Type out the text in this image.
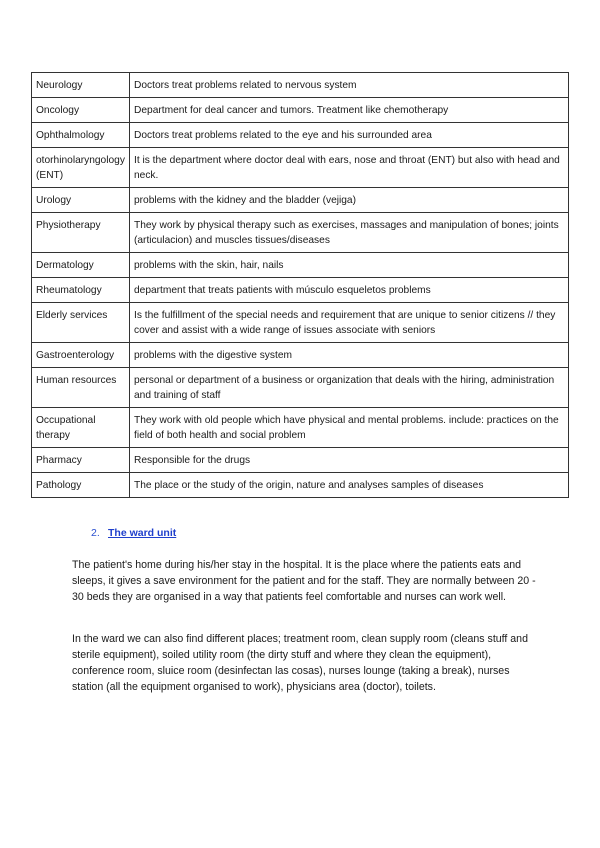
Neurology	Doctors treat problems related to nervous system
Oncology	Department for deal cancer and tumors. Treatment like chemotherapy
Ophthalmology	Doctors treat problems related to the eye and his surrounded area
otorhinolaryngology(ENT)	It is the department where doctor deal with ears, nose and throat (ENT) but also with head and neck.
Urology	problems with the kidney and the bladder (vejiga)
Physiotherapy	They work by physical therapy such as exercises, massages and manipulation of bones; joints (articulacion) and muscles tissues/diseases
Dermatology	problems with the skin, hair, nails
Rheumatology	department that treats patients with músculo esqueletos problems
Elderly services	Is the fulfillment of the special needs and requirement that are unique to senior citizens // they cover and assist with a wide range of issues associate with seniors
Gastroenterology	problems with the digestive system
Human resources	personal or department of a business or organization that deals with the hiring, administration and training of staff
Occupational therapy	They work with old people which have physical and mental problems. include: practices on the field of both health and social problem
Pharmacy	Responsible for the drugs
Pathology	The place or the study of the origin, nature and analyses samples of diseases
2. The ward unit

The patient's home during his/her stay in the hospital. It is the place where the patients eats and sleeps, it gives a save environment for the patient and for the staff. They are normally between 20 - 30 beds they are organised in a way that patients feel comfortable and nurses can work well.

In the ward we can also find different places; treatment room, clean supply room (cleans stuff and sterile equipment), soiled utility room (the dirty stuff and where they clean the equipment), conference room, sluice room (desinfectan las cosas), nurses lounge (taking a break), nurses station (all the equipment organised to work), physicians area (doctor), toilets.
